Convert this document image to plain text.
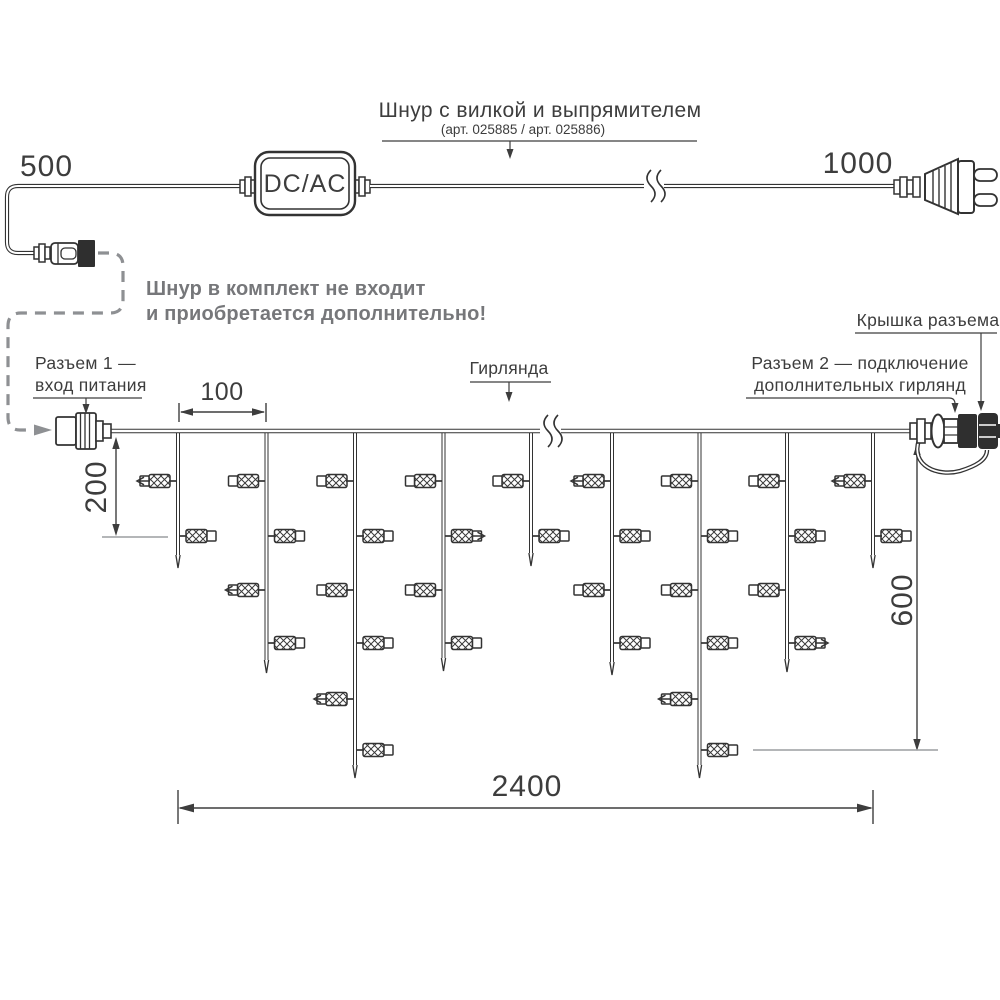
600
200
100
2400
DC/AC
Шнур с вилкой и выпрямителем
(арт. 025885 / арт. 025886)
500	1000
Шнур в комплект не входит
и приобретается дополнительно!
Разъем 1 —
вход питания
Гирлянда	Разъем 2 — подключение
дополнительных гирлянд
Крышка разъема
